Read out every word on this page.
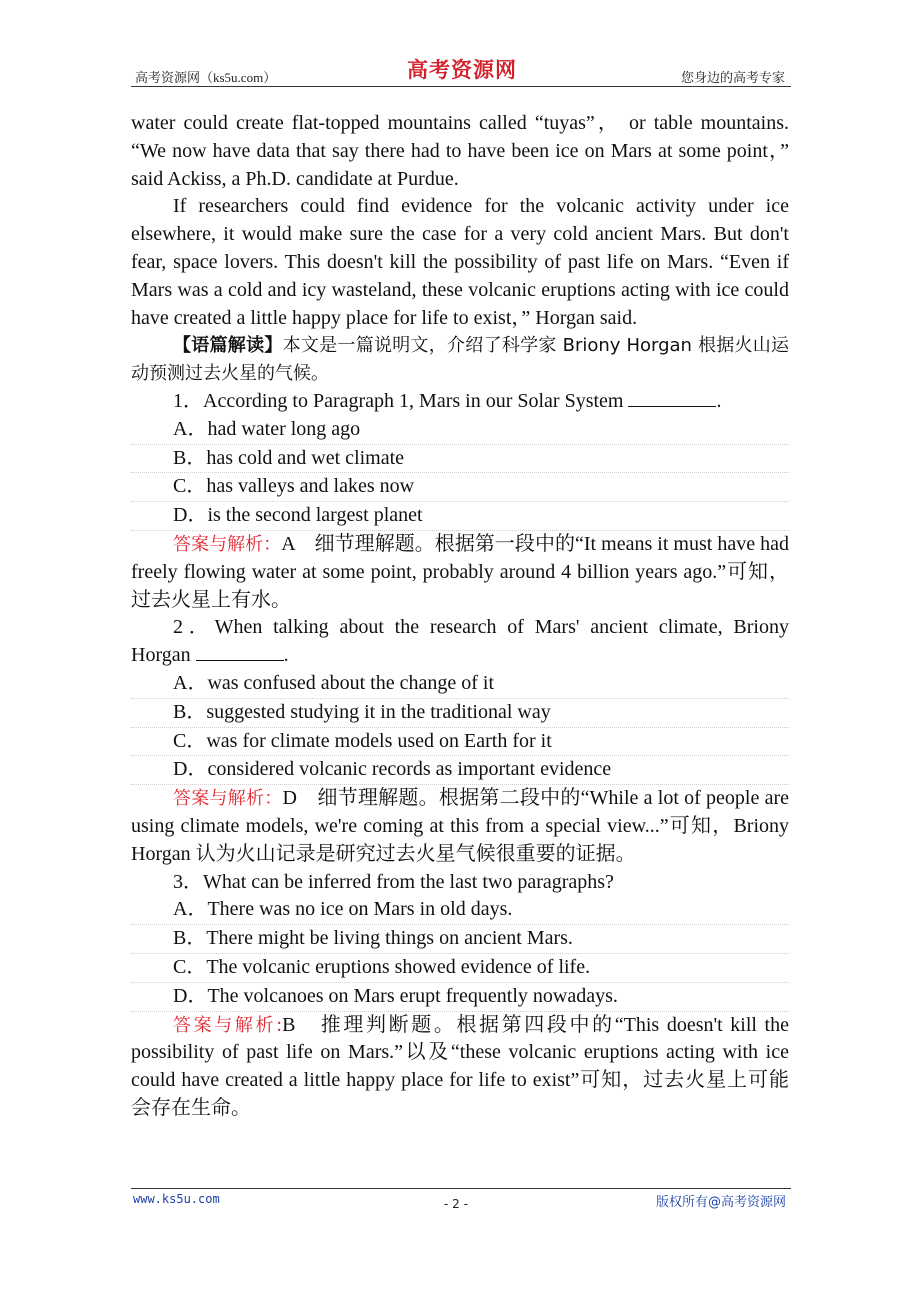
高考资源网（ks5u.com）	高考资源网	您身边的高考专家

water could create flat-topped mountains called “tuyas”， or table mountains. “We now have data that say there had to have been ice on Mars at some point，” said Ackiss, a Ph.D. candidate at Purdue.

If researchers could find evidence for the volcanic activity under ice elsewhere, it would make sure the case for a very cold ancient Mars. But don't fear, space lovers. This doesn't kill the possibility of past life on Mars. “Even if Mars was a cold and icy wasteland, these volcanic eruptions acting with ice could have created a little happy place for life to exist，” Horgan said.

【语篇解读】本文是一篇说明文，介绍了科学家 Briony Horgan 根据火山运动预测过去火星的气候。

1．According to Paragraph 1, Mars in our Solar System	.

A．had water long ago

B．has cold and wet climate

C．has valleys and lakes now

D．is the second largest planet

答案与解析：A　细节理解题。根据第一段中的“It means it must have had freely flowing water at some point, probably around 4 billion years ago.”可知，过去火星上有水。

2．When talking about the research of Mars' ancient climate, Briony Horgan	.

A．was confused about the change of it

B．suggested studying it in the traditional way

C．was for climate models used on Earth for it

D．considered volcanic records as important evidence

答案与解析：D　细节理解题。根据第二段中的“While a lot of people are using climate models, we're coming at this from a special view...”可知，Briony Horgan 认为火山记录是研究过去火星气候很重要的证据。

3．What can be inferred from the last two paragraphs?

A．There was no ice on Mars in old days.

B．There might be living things on ancient Mars.

C．The volcanic eruptions showed evidence of life.

D．The volcanoes on Mars erupt frequently nowadays.

答案与解析:B　推理判断题。根据第四段中的“This doesn't kill the possibility of past life on Mars.”以及“these volcanic eruptions acting with ice could have created a little happy place for life to exist”可知，过去火星上可能会存在生命。

www.ks5u.com	- 2 -	版权所有@高考资源网
